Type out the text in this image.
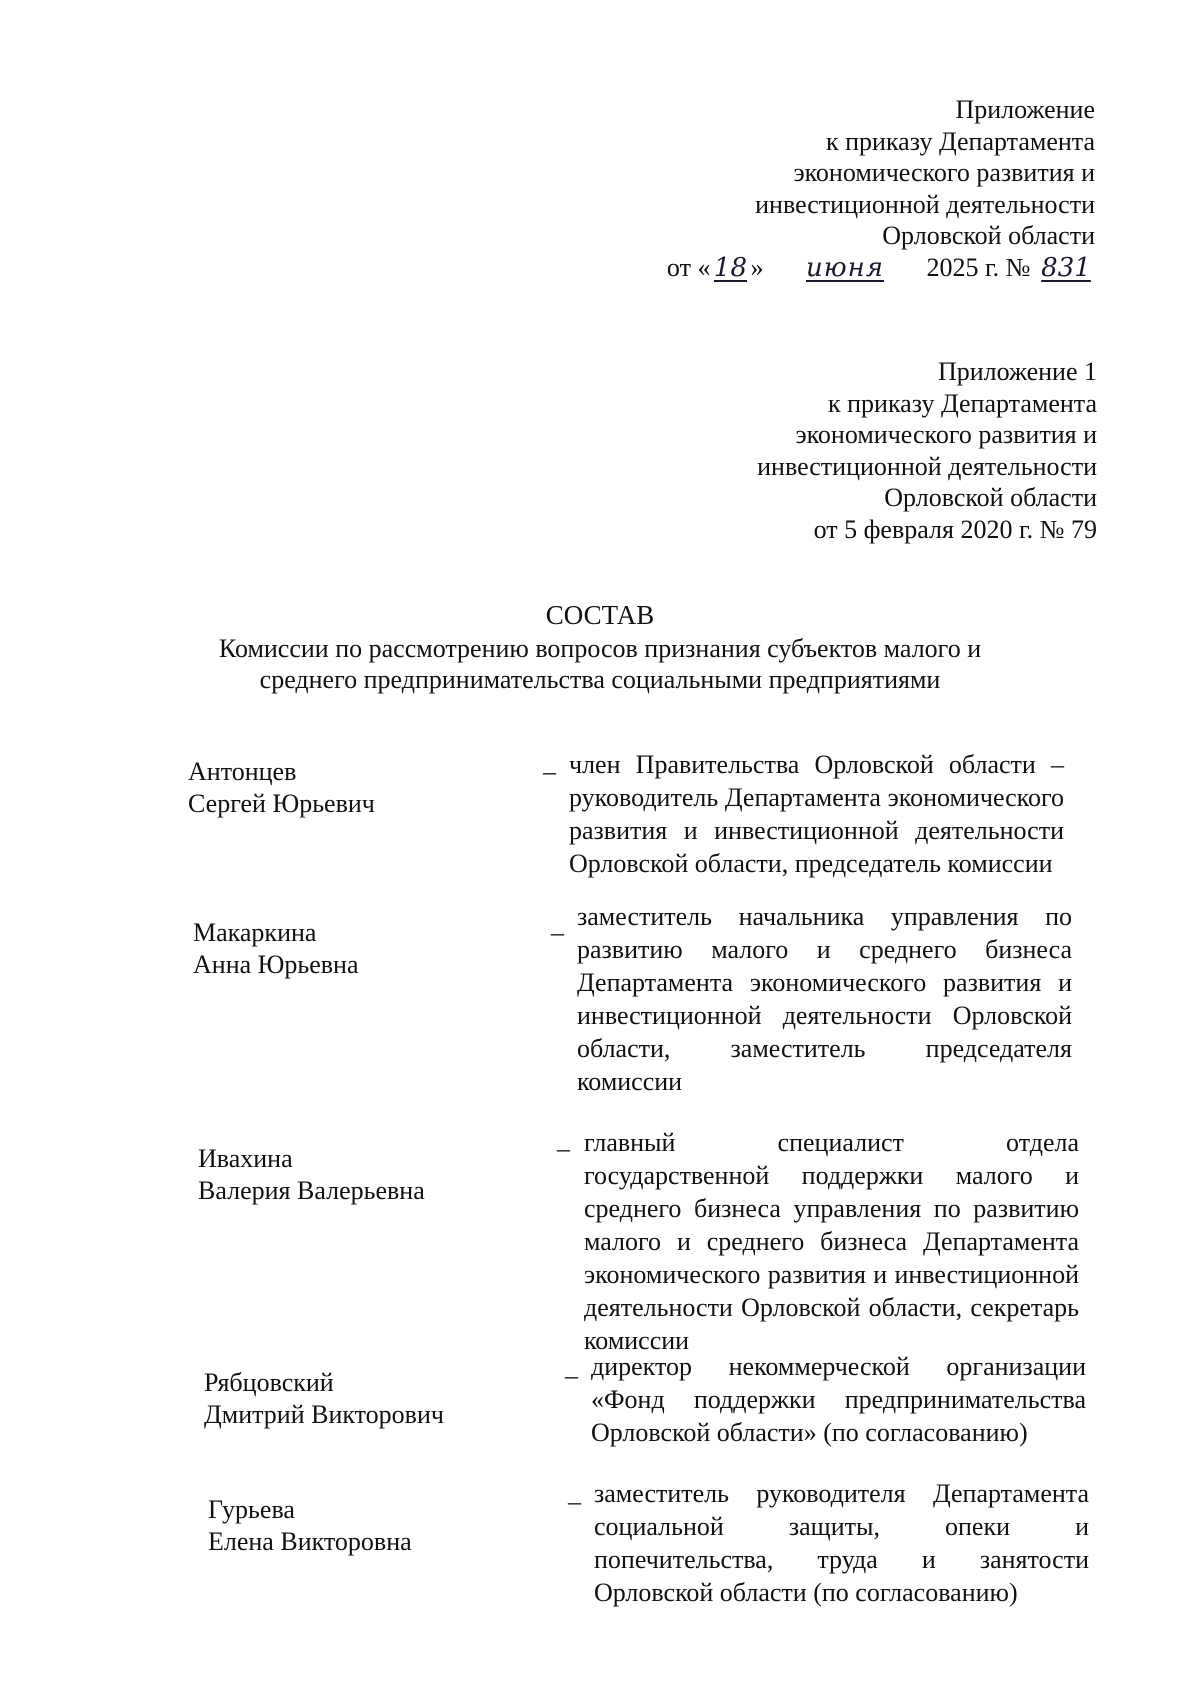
Приложение
к приказу Департамента
экономического развития и
инвестиционной деятельности
Орловской области
от « 18 » июня 2025 г. № 831
Приложение 1
к приказу Департамента
экономического развития и
инвестиционной деятельности
Орловской области
от 5 февраля 2020 г. № 79
СОСТАВ
Комиссии по рассмотрению вопросов признания субъектов малого и
среднего предпринимательства социальными предприятиями
Антонцев
Сергей Юрьевич
– член Правительства Орловской области – руководитель Департамента экономического развития и инвестиционной деятельности Орловской области, председатель комиссии
Макаркина
Анна Юрьевна
–
заместитель начальника управления по развитию малого и среднего бизнеса Департамента экономического развития и инвестиционной деятельности Орловской области, заместитель председателя комиссии
Ивахина
Валерия Валерьевна
– главный специалист отдела государственной поддержки малого и среднего бизнеса управления по развитию малого и среднего бизнеса Департамента экономического развития и инвестиционной деятельности Орловской области, секретарь комиссии
Рябцовский
Дмитрий Викторович
– директор некоммерческой организации «Фонд поддержки предпринимательства Орловской области» (по согласованию)
Гурьева
Елена Викторовна
– заместитель руководителя Департамента социальной защиты, опеки и попечительства, труда и занятости Орловской области (по согласованию)
